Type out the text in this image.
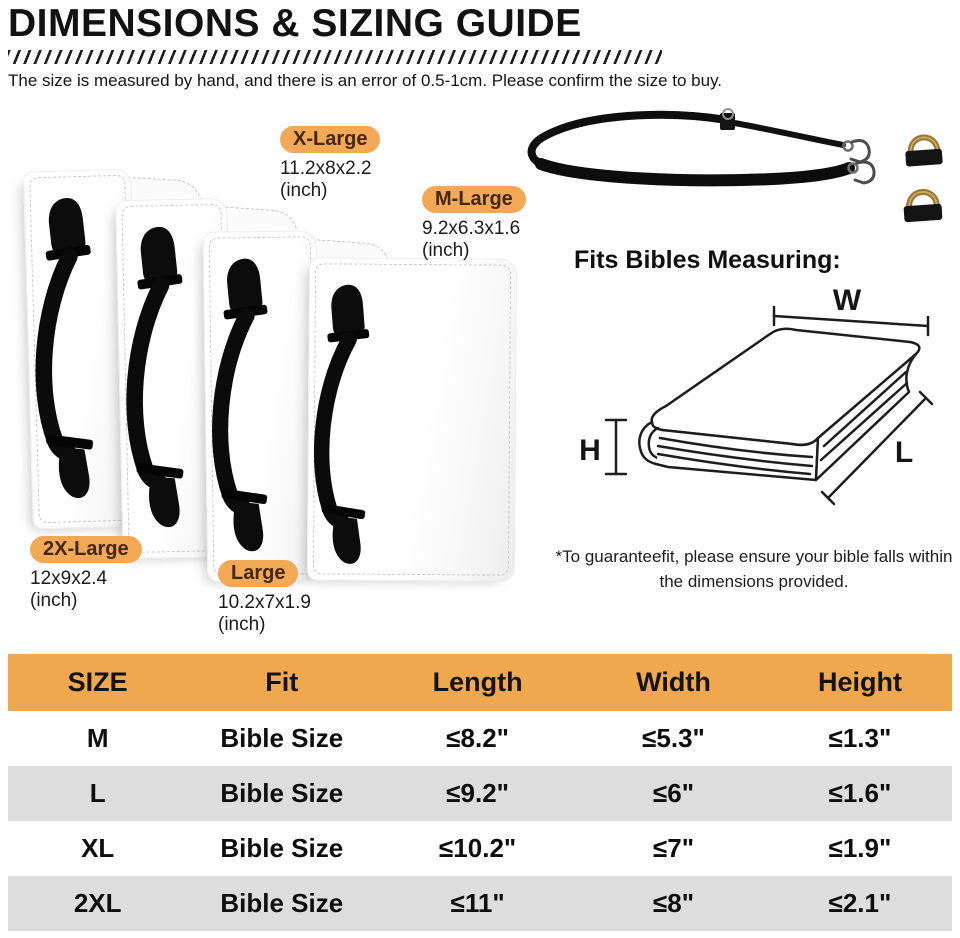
DIMENSIONS & SIZING GUIDE
The size is measured by hand, and there is an error of 0.5-1cm. Please confirm the size to buy.
X-Large
11.2x8x2.2
(inch)	M-Large
9.2x6.3x1.6
(inch)
2X-Large
12x9x2.4
(inch)
Large
10.2x7x1.9
(inch)
Fits Bibles Measuring:
W
H	L
*To guaranteefit, please ensure your bible falls within the dimensions provided.
SIZE	Fit	Length	Width	Height
M	Bible Size	≤8.2"	≤5.3"	≤1.3"
L	Bible Size	≤9.2"	≤6"	≤1.6"
XL	Bible Size	≤10.2"	≤7"	≤1.9"
2XL	Bible Size	≤11"	≤8"	≤2.1"
